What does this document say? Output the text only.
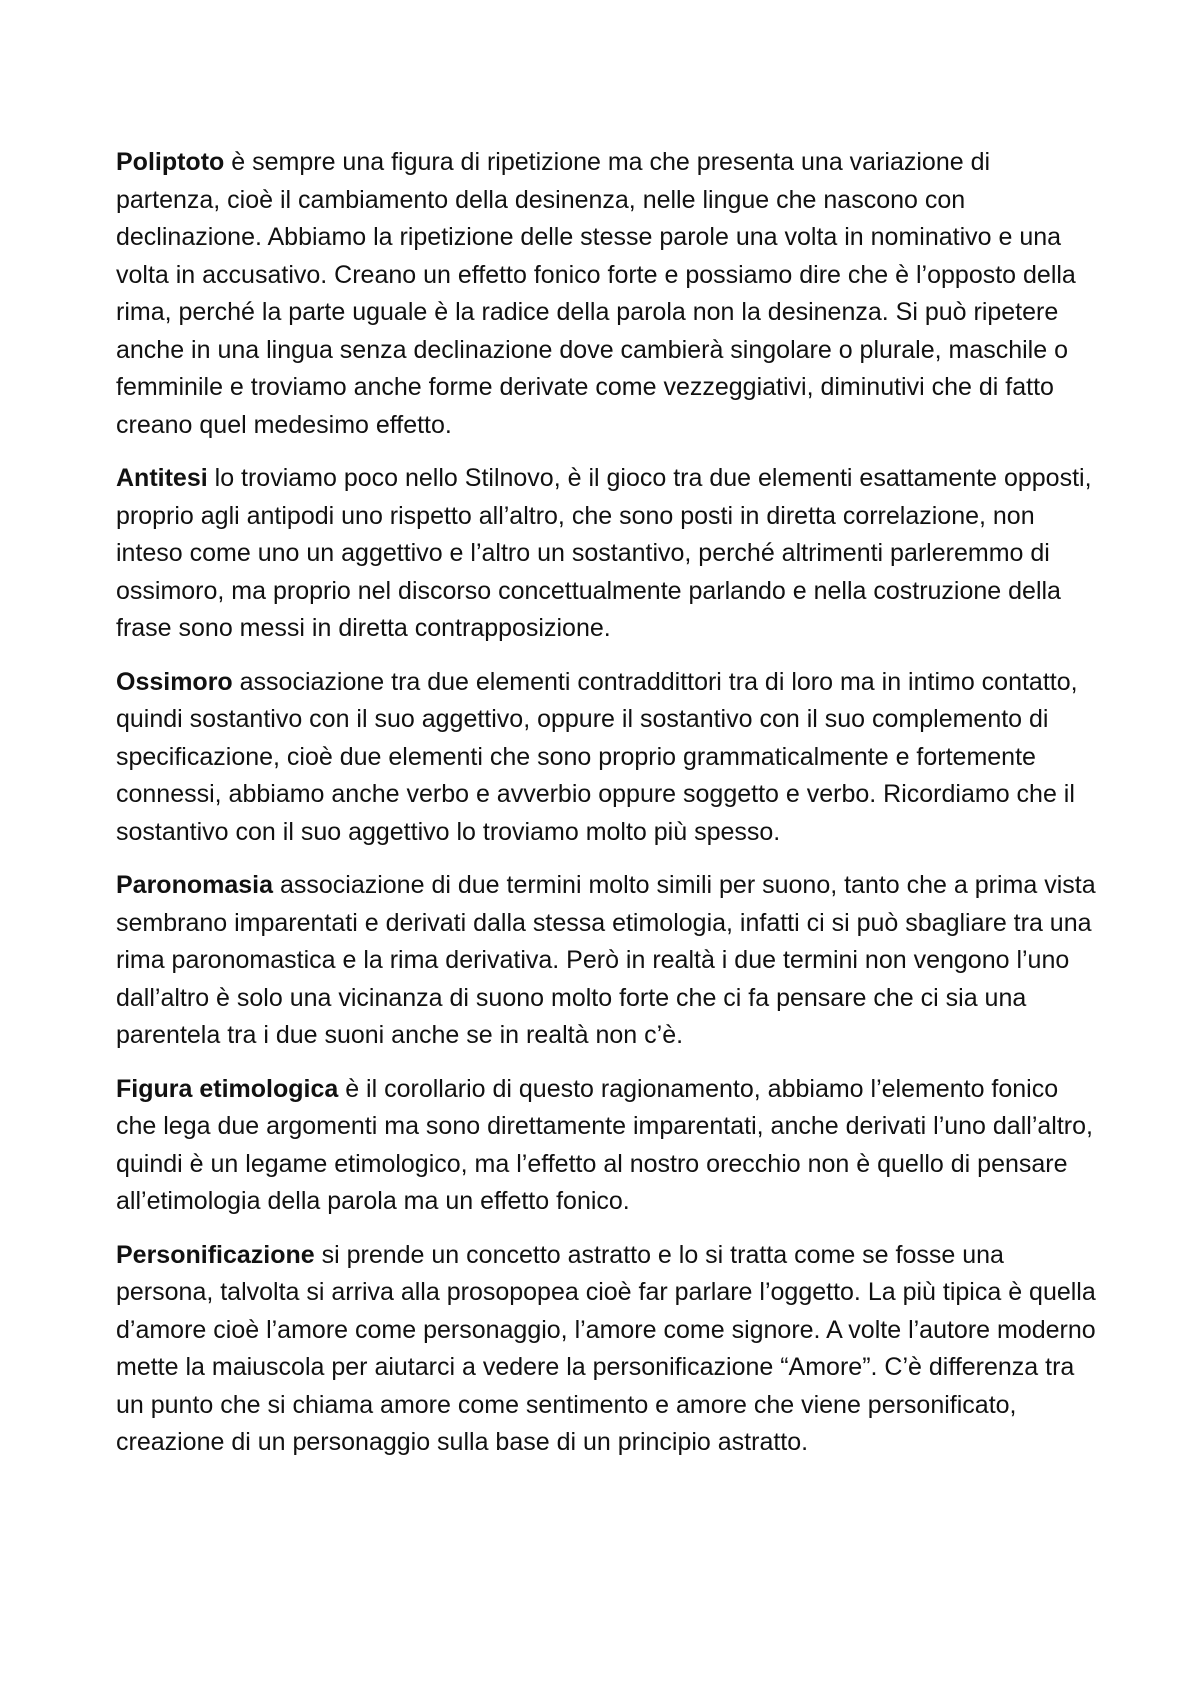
Poliptoto è sempre una figura di ripetizione ma che presenta una variazione di partenza, cioè il cambiamento della desinenza, nelle lingue che nascono con declinazione. Abbiamo la ripetizione delle stesse parole una volta in nominativo e una volta in accusativo. Creano un effetto fonico forte e possiamo dire che è l’opposto della rima, perché la parte uguale è la radice della parola non la desinenza. Si può ripetere anche in una lingua senza declinazione dove cambierà singolare o plurale, maschile o femminile e troviamo anche forme derivate come vezzeggiativi, diminutivi che di fatto creano quel medesimo effetto.

Antitesi lo troviamo poco nello Stilnovo, è il gioco tra due elementi esattamente opposti, proprio agli antipodi uno rispetto all’altro, che sono posti in diretta correlazione, non inteso come uno un aggettivo e l’altro un sostantivo, perché altrimenti parleremmo di ossimoro, ma proprio nel discorso concettualmente parlando e nella costruzione della frase sono messi in diretta contrapposizione.

Ossimoro associazione tra due elementi contraddittori tra di loro ma in intimo contatto, quindi sostantivo con il suo aggettivo, oppure il sostantivo con il suo complemento di specificazione, cioè due elementi che sono proprio grammaticalmente e fortemente connessi, abbiamo anche verbo e avverbio oppure soggetto e verbo. Ricordiamo che il sostantivo con il suo aggettivo lo troviamo molto più spesso.

Paronomasia associazione di due termini molto simili per suono, tanto che a prima vista sembrano imparentati e derivati dalla stessa etimologia, infatti ci si può sbagliare tra una rima paronomastica e la rima derivativa. Però in realtà i due termini non vengono l’uno dall’altro è solo una vicinanza di suono molto forte che ci fa pensare che ci sia una parentela tra i due suoni anche se in realtà non c’è.

Figura etimologica è il corollario di questo ragionamento, abbiamo l’elemento fonico che lega due argomenti ma sono direttamente imparentati, anche derivati l’uno dall’altro, quindi è un legame etimologico, ma l’effetto al nostro orecchio non è quello di pensare all’etimologia della parola ma un effetto fonico.

Personificazione si prende un concetto astratto e lo si tratta come se fosse una persona, talvolta si arriva alla prosopopea cioè far parlare l’oggetto. La più tipica è quella d’amore cioè l’amore come personaggio, l’amore come signore. A volte l’autore moderno mette la maiuscola per aiutarci a vedere la personificazione “Amore”. C’è differenza tra un punto che si chiama amore come sentimento e amore che viene personificato, creazione di un personaggio sulla base di un principio astratto.
